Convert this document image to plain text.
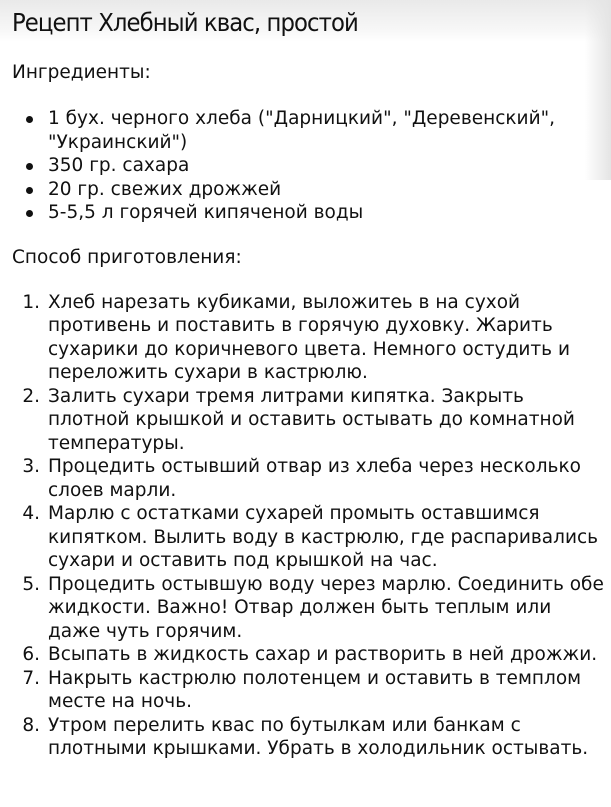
Рецепт Хлебный квас, простой
Ингредиенты:
1 бух. черного хлеба ("Дарницкий", "Деревенский", "Украинский")
350 гр. сахара
20 гр. свежих дрожжей
5-5,5 л горячей кипяченой воды
Способ приготовления:
1. Хлеб нарезать кубиками, выложитеь в на сухой противень и поставить в горячую духовку. Жарить сухарики до коричневого цвета. Немного остудить и переложить сухари в кастрюлю.
2. Залить сухари тремя литрами кипятка. Закрыть плотной крышкой и оставить остывать до комнатной температуры.
3. Процедить остывший отвар из хлеба через несколько слоев марли.
4. Марлю с остатками сухарей промыть оставшимся кипятком. Вылить воду в кастрюлю, где распаривались сухари и оставить под крышкой на час.
5. Процедить остывшую воду через марлю. Соединить обе жидкости. Важно! Отвар должен быть теплым или даже чуть горячим.
6. Всыпать в жидкость сахар и растворить в ней дрожжи.
7. Накрыть кастрюлю полотенцем и оставить в темплом месте на ночь.
8. Утром перелить квас по бутылкам или банкам с плотными крышками. Убрать в холодильник остывать.
